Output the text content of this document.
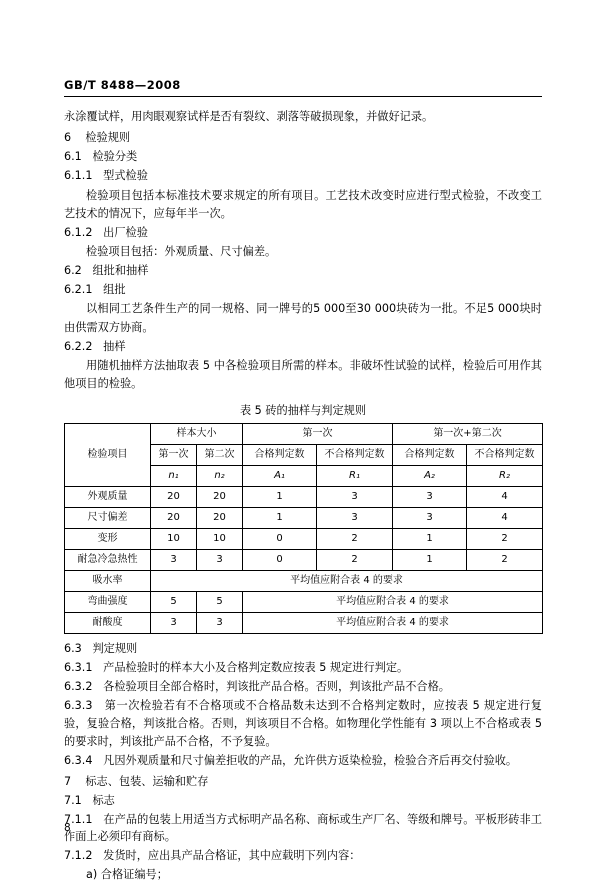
GB/T 8488—2008

永涂覆试样，用肉眼观察试样是否有裂纹、剥落等破损现象，并做好记录。

6 检验规则

6.1 检验分类

6.1.1 型式检验

检验项目包括本标准技术要求规定的所有项目。工艺技术改变时应进行型式检验，不改变工艺技术的情况下，应每年半一次。

6.1.2 出厂检验

检验项目包括：外观质量、尺寸偏差。

6.2 组批和抽样

6.2.1 组批

以相同工艺条件生产的同一规格、同一牌号的5 000至30 000块砖为一批。不足5 000块时由供需双方协商。

6.2.2 抽样

用随机抽样方法抽取表 5 中各检验项目所需的样本。非破坏性试验的试样，检验后可用作其他项目的检验。

表 5 砖的抽样与判定规则
检验项目	样本大小		第一次		第一次+第二次	
	第一次	第二次	合格判定数	不合格判定数	合格判定数	不合格判定数
	n₁	n₂	A₁	R₁	A₂	R₂
外观质量	20	20	1	3	3	4
尺寸偏差	20	20	1	3	3	4
变形	10	10	0	2	1	2
耐急冷急热性	3	3	0	2	1	2
吸水率	平均值应附合表 4 的要求					
弯曲强度	5	5	平均值应附合表 4 的要求			
耐酸度	3	3	平均值应附合表 4 的要求			

6.3 判定规则

6.3.1 产品检验时的样本大小及合格判定数应按表 5 规定进行判定。

6.3.2 各检验项目全部合格时，判该批产品合格。否则，判该批产品不合格。

6.3.3 第一次检验若有不合格项或不合格品数未达到不合格判定数时，应按表 5 规定进行复验，复验合格，判该批合格。否则，判该项目不合格。如物理化学性能有 3 项以上不合格或表 5 的要求时，判该批产品不合格，不予复验。

6.3.4 凡因外观质量和尺寸偏差拒收的产品，允许供方返染检验，检验合齐后再交付验收。

7 标志、包装、运输和贮存

7.1 标志

7.1.1 在产品的包装上用适当方式标明产品名称、商标或生产厂名、等级和牌号。平板形砖非工作面上必须印有商标。

7.1.2 发货时，应出具产品合格证，其中应载明下列内容：

a) 合格证编号；

8
